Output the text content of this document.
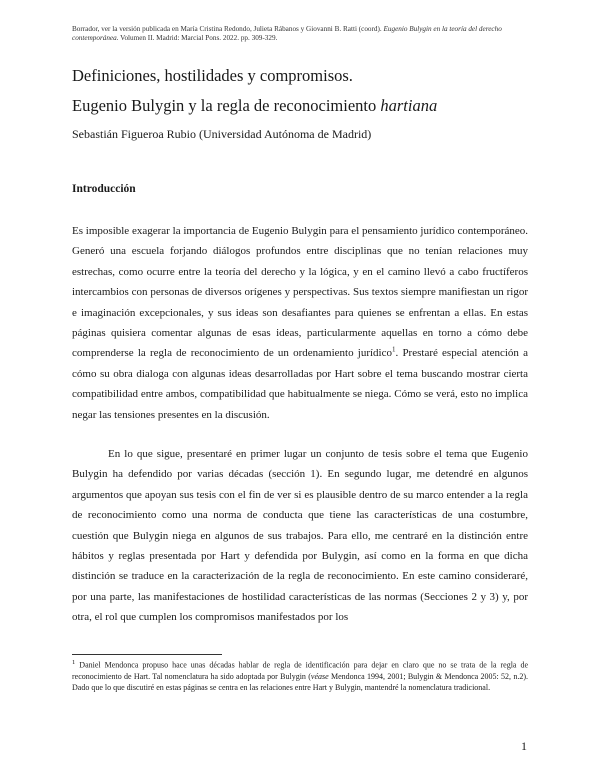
Borrador, ver la versión publicada en María Cristina Redondo, Julieta Rábanos y Giovanni B. Ratti (coord). Eugenio Bulygin en la teoría del derecho contemporánea. Volumen II. Madrid: Marcial Pons. 2022. pp. 309-329.
Definiciones, hostilidades y compromisos.
Eugenio Bulygin y la regla de reconocimiento hartiana
Sebastián Figueroa Rubio (Universidad Autónoma de Madrid)
Introducción
Es imposible exagerar la importancia de Eugenio Bulygin para el pensamiento jurídico contemporáneo. Generó una escuela forjando diálogos profundos entre disciplinas que no tenían relaciones muy estrechas, como ocurre entre la teoría del derecho y la lógica, y en el camino llevó a cabo fructíferos intercambios con personas de diversos orígenes y perspectivas. Sus textos siempre manifiestan un rigor e imaginación excepcionales, y sus ideas son desafiantes para quienes se enfrentan a ellas. En estas páginas quisiera comentar algunas de esas ideas, particularmente aquellas en torno a cómo debe comprenderse la regla de reconocimiento de un ordenamiento jurídico$^1$. Prestaré especial atención a cómo su obra dialoga con algunas ideas desarrolladas por Hart sobre el tema buscando mostrar cierta compatibilidad entre ambos, compatibilidad que habitualmente se niega. Cómo se verá, esto no implica negar las tensiones presentes en la discusión.
En lo que sigue, presentaré en primer lugar un conjunto de tesis sobre el tema que Eugenio Bulygin ha defendido por varias décadas (sección 1). En segundo lugar, me detendré en algunos argumentos que apoyan sus tesis con el fin de ver si es plausible dentro de su marco entender a la regla de reconocimiento como una norma de conducta que tiene las características de una costumbre, cuestión que Bulygin niega en algunos de sus trabajos. Para ello, me centraré en la distinción entre hábitos y reglas presentada por Hart y defendida por Bulygin, así como en la forma en que dicha distinción se traduce en la caracterización de la regla de reconocimiento. En este camino consideraré, por una parte, las manifestaciones de hostilidad características de las normas (Secciones 2 y 3) y, por otra, el rol que cumplen los compromisos manifestados por los
$^1$ Daniel Mendonca propuso hace unas décadas hablar de regla de identificación para dejar en claro que no se trata de la regla de reconocimiento de Hart. Tal nomenclatura ha sido adoptada por Bulygin (véase Mendonca 1994, 2001; Bulygin & Mendonca 2005: 52, n.2). Dado que lo que discutiré en estas páginas se centra en las relaciones entre Hart y Bulygin, mantendré la nomenclatura tradicional.
1
